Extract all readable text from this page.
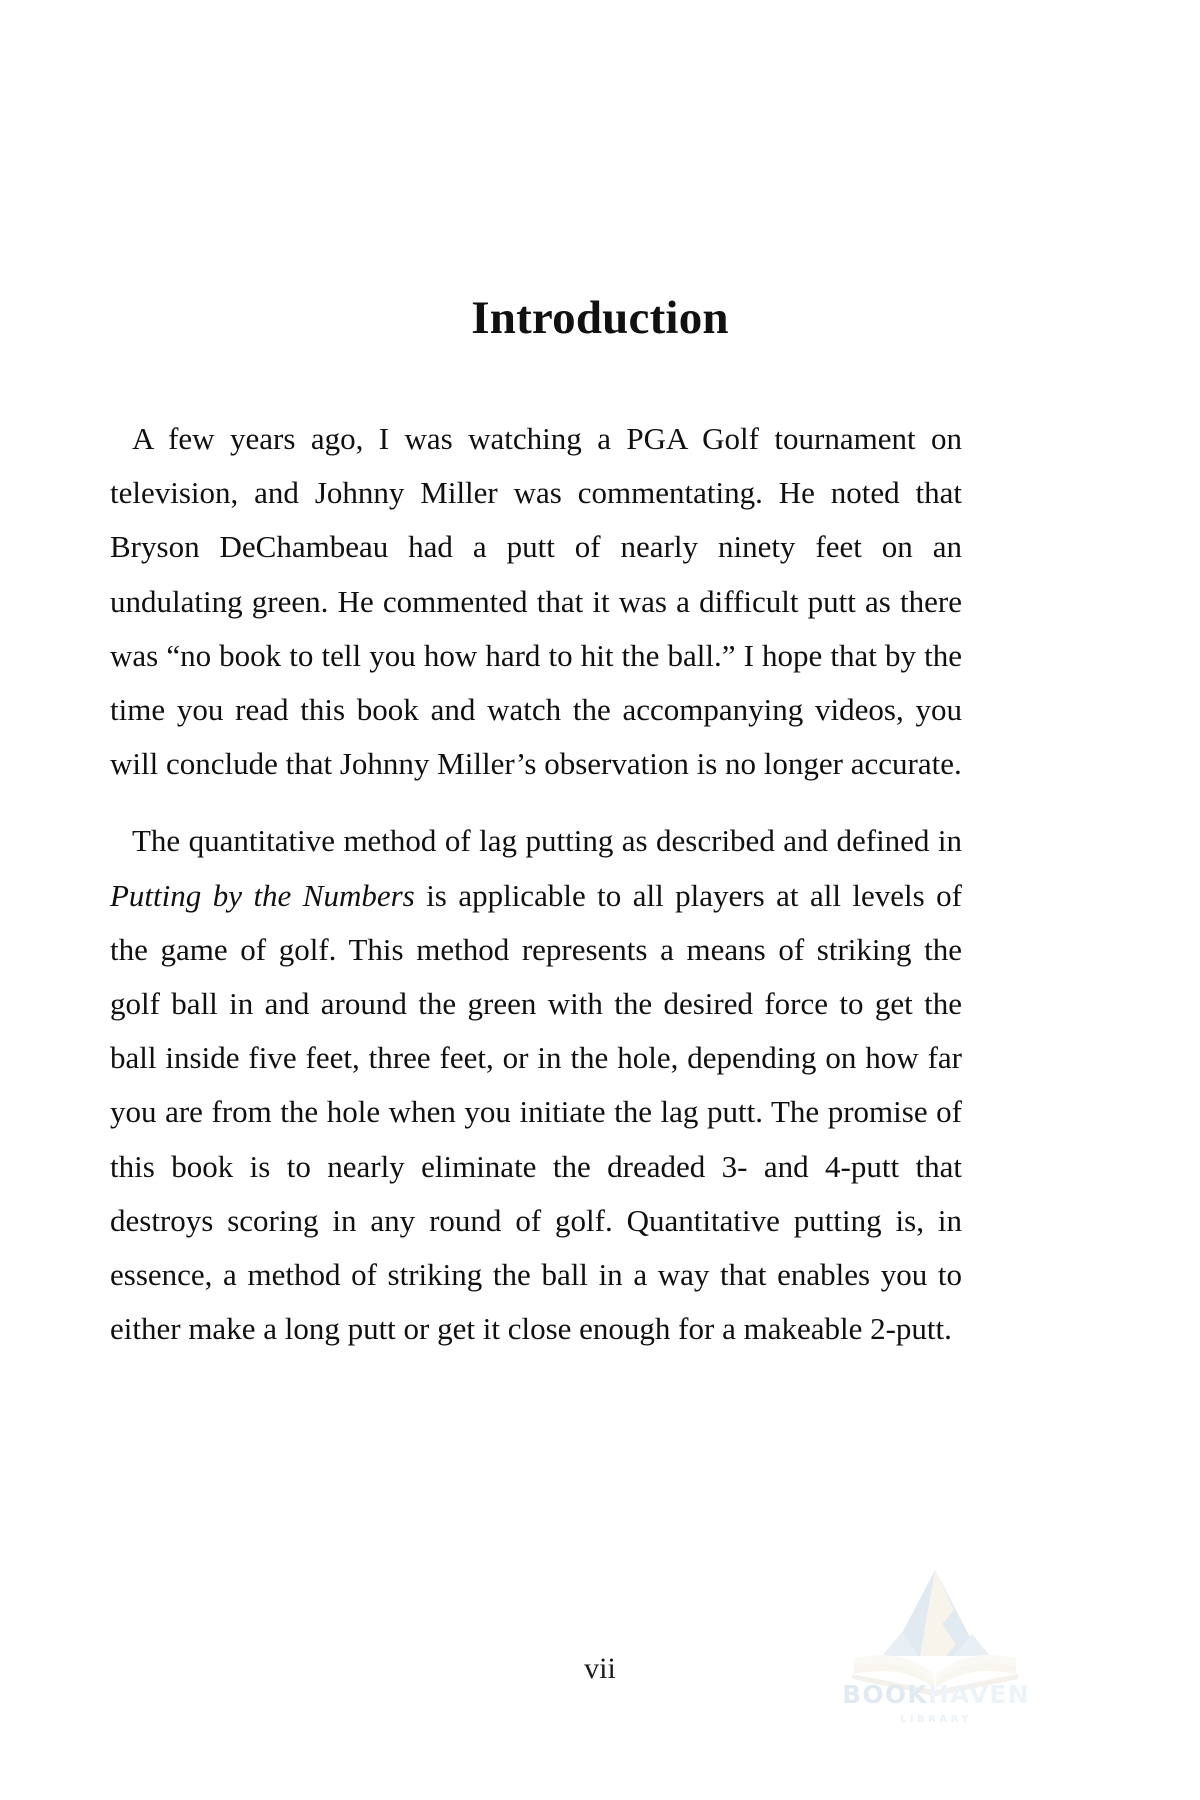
Introduction

A few years ago, I was watching a PGA Golf tournament on television, and Johnny Miller was commentating. He noted that Bryson DeChambeau had a putt of nearly ninety feet on an undulating green. He commented that it was a difficult putt as there was “no book to tell you how hard to hit the ball.” I hope that by the time you read this book and watch the accompanying videos, you will conclude that Johnny Miller’s observation is no longer accurate.

The quantitative method of lag putting as described and defined in Putting by the Numbers is applicable to all players at all levels of the game of golf. This method represents a means of striking the golf ball in and around the green with the desired force to get the ball inside five feet, three feet, or in the hole, depending on how far you are from the hole when you initiate the lag putt. The promise of this book is to nearly eliminate the dreaded 3- and 4-putt that destroys scoring in any round of golf. Quantitative putting is, in essence, a method of striking the ball in a way that enables you to either make a long putt or get it close enough for a makeable 2-putt.

vii
BOOKHAVEN
LIBRARY
